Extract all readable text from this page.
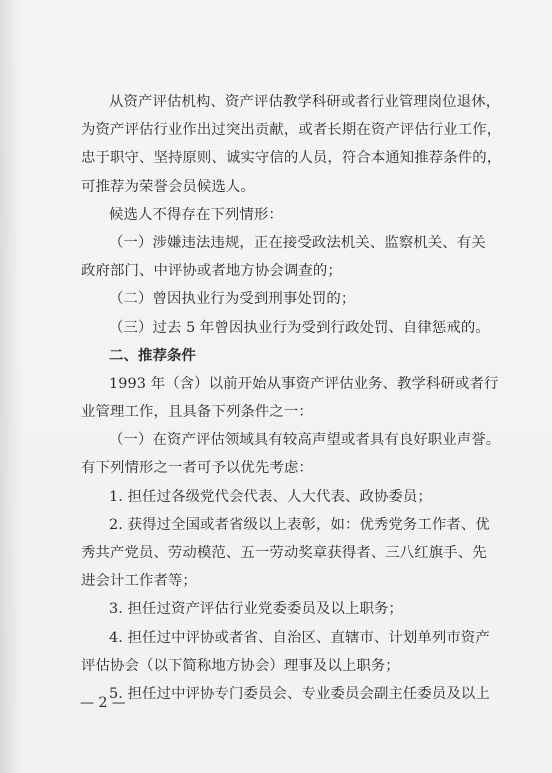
从资产评估机构、资产评估教学科研或者行业管理岗位退休，
为资产评估行业作出过突出贡献，或者长期在资产评估行业工作，
忠于职守、坚持原则、诚实守信的人员，符合本通知推荐条件的，
可推荐为荣誉会员候选人。
候选人不得存在下列情形：
（一）涉嫌违法违规，正在接受政法机关、监察机关、有关
政府部门、中评协或者地方协会调查的；
（二）曾因执业行为受到刑事处罚的；
（三）过去 5 年曾因执业行为受到行政处罚、自律惩戒的。
二、推荐条件
1993 年（含）以前开始从事资产评估业务、教学科研或者行
业管理工作，且具备下列条件之一：
（一）在资产评估领域具有较高声望或者具有良好职业声誉。
有下列情形之一者可予以优先考虑：
1. 担任过各级党代会代表、人大代表、政协委员；
2. 获得过全国或者省级以上表彰，如：优秀党务工作者、优
秀共产党员、劳动模范、五一劳动奖章获得者、三八红旗手、先
进会计工作者等；
3. 担任过资产评估行业党委委员及以上职务；
4. 担任过中评协或者省、自治区、直辖市、计划单列市资产
评估协会（以下简称地方协会）理事及以上职务；
5. 担任过中评协专门委员会、专业委员会副主任委员及以上
— 2 —
